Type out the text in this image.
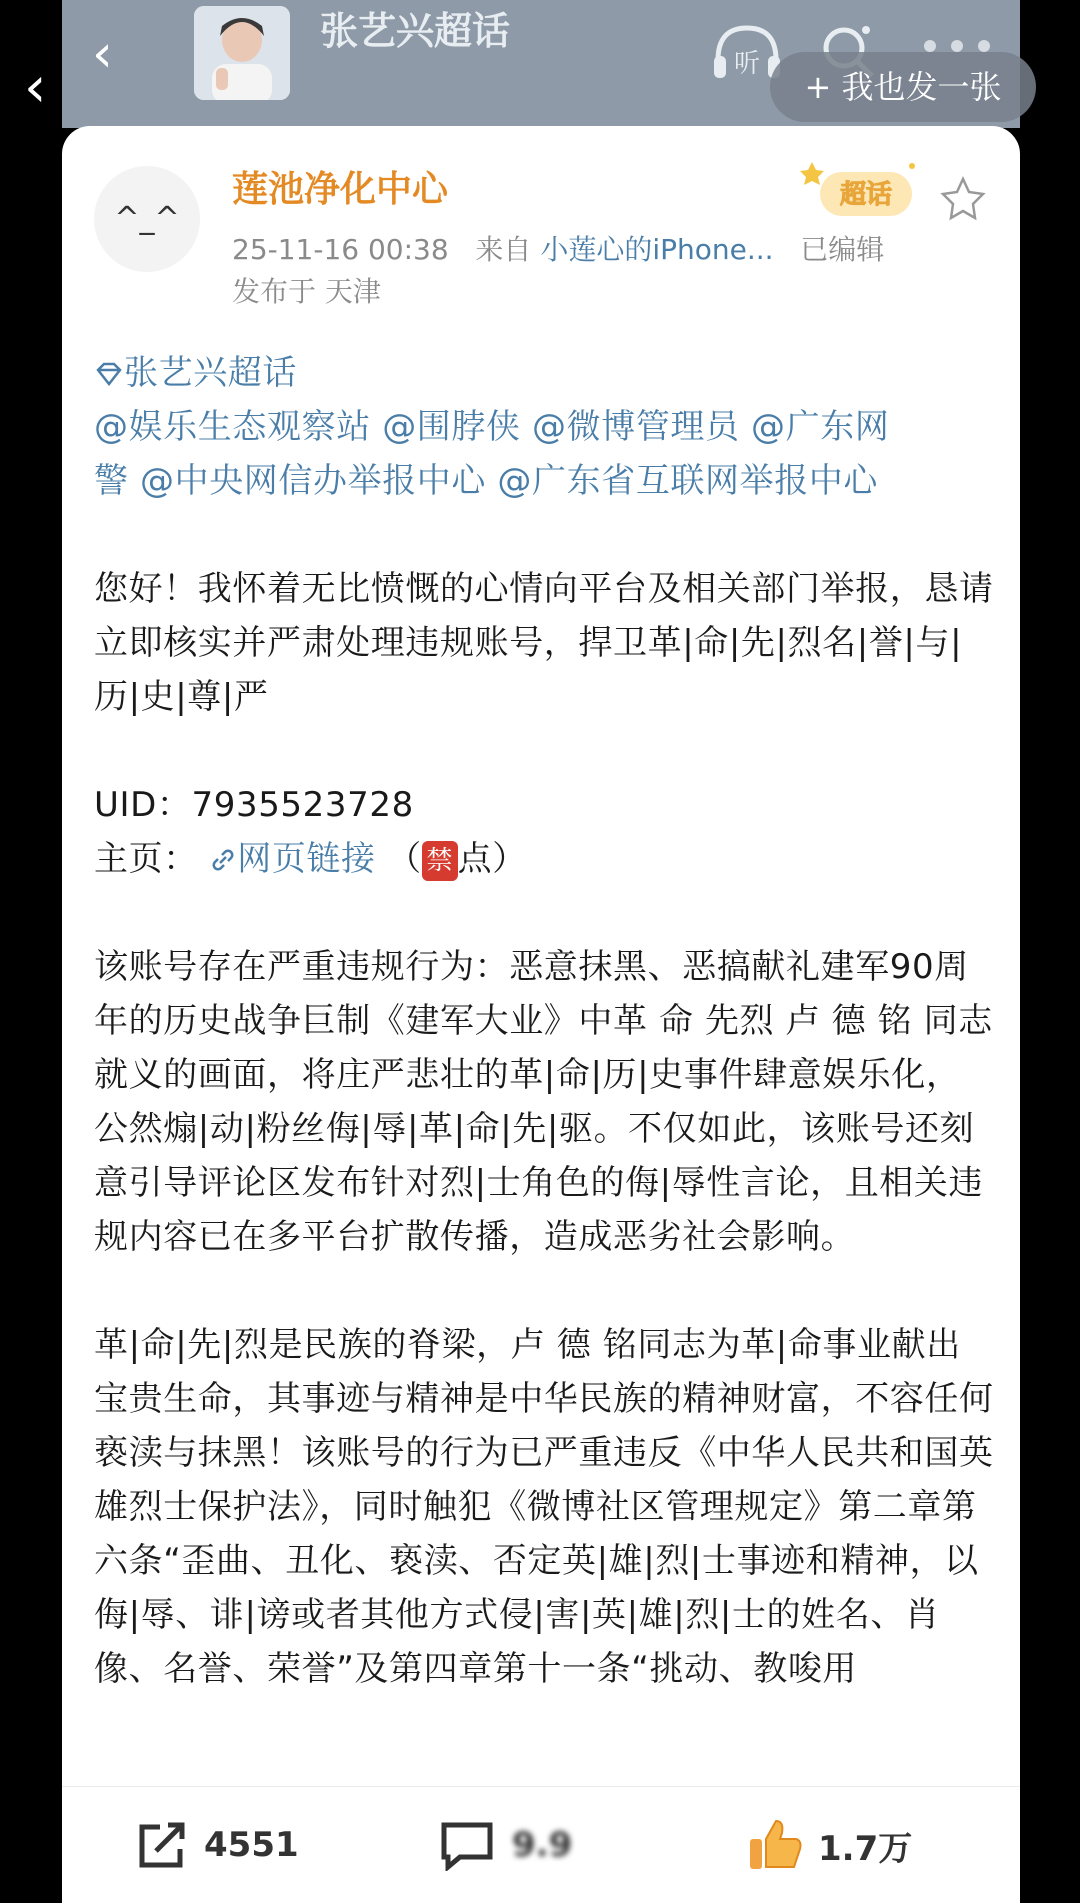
‹
‹	张艺兴超话
听
+ 我也发一张
^_^
莲池净化中心	超话
25-11-16 00:38 来自 小莲心的iPhone... 已编辑
发布于 天津

张艺兴超话

@娱乐生态观察站 @围脖侠 @微博管理员 @广东网

警 @中央网信办举报中心 @广东省互联网举报中心

您好！我怀着无比愤慨的心情向平台及相关部门举报，恳请立即核实并严肃处理违规账号，捍卫革|命|先|烈名|誉|与|历|史|尊|严

UID：7935523728

主页： 网页链接 （ 禁 点）

该账号存在严重违规行为：恶意抹黑、恶搞献礼建军90周年的历史战争巨制《建军大业》中革 命 先烈 卢 德 铭 同志就义的画面，将庄严悲壮的革|命|历|史事件肆意娱乐化，公然煽|动|粉丝侮|辱|革|命|先|驱。不仅如此，该账号还刻意引导评论区发布针对烈|士角色的侮|辱性言论，且相关违规内容已在多平台扩散传播，造成恶劣社会影响。

革|命|先|烈是民族的脊梁，卢 德 铭同志为革|命事业献出宝贵生命，其事迹与精神是中华民族的精神财富，不容任何亵渎与抹黑！该账号的行为已严重违反《中华人民共和国英雄烈士保护法》，同时触犯《微博社区管理规定》第二章第六条“歪曲、丑化、亵渎、否定英|雄|烈|士事迹和精神，以侮|辱、诽|谤或者其他方式侵|害|英|雄|烈|士的姓名、肖像、名誉、荣誉”及第四章第十一条“挑动、教唆用

4551	9.9	1.7万
